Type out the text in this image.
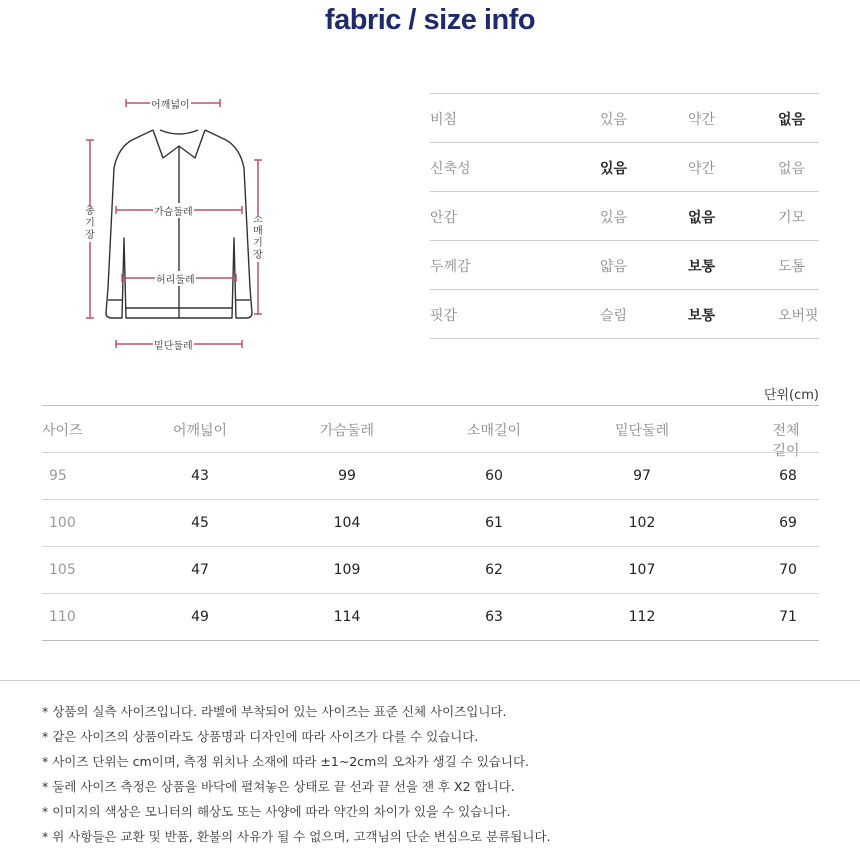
fabric / size info
어깨넓이
가슴둘레
허리둘레
밑단둘레
총기장
소매기장
비침	있음	약간	없음
신축성	있음	약간	없음
안감	있음	없음	기모
두께감	얇음	보통	도톰
핏감	슬림	보통	오버핏
단위(cm)
사이즈	어깨넓이	가슴둘레	소매길이	밑단둘레	전체길이
95	43	99	60	97	68
100	45	104	61	102	69
105	47	109	62	107	70
110	49	114	63	112	71
* 상품의 실측 사이즈입니다. 라벨에 부착되어 있는 사이즈는 표준 신체 사이즈입니다.
* 같은 사이즈의 상품이라도 상품명과 디자인에 따라 사이즈가 다를 수 있습니다.
* 사이즈 단위는 cm이며, 측정 위치나 소재에 따라 ±1~2cm의 오차가 생길 수 있습니다.
* 둘레 사이즈 측정은 상품을 바닥에 펼쳐놓은 상태로 끝 선과 끝 선을 잰 후 X2 합니다.
* 이미지의 색상은 모니터의 해상도 또는 사양에 따라 약간의 차이가 있을 수 있습니다.
* 위 사항들은 교환 및 반품, 환불의 사유가 될 수 없으며, 고객님의 단순 변심으로 분류됩니다.
